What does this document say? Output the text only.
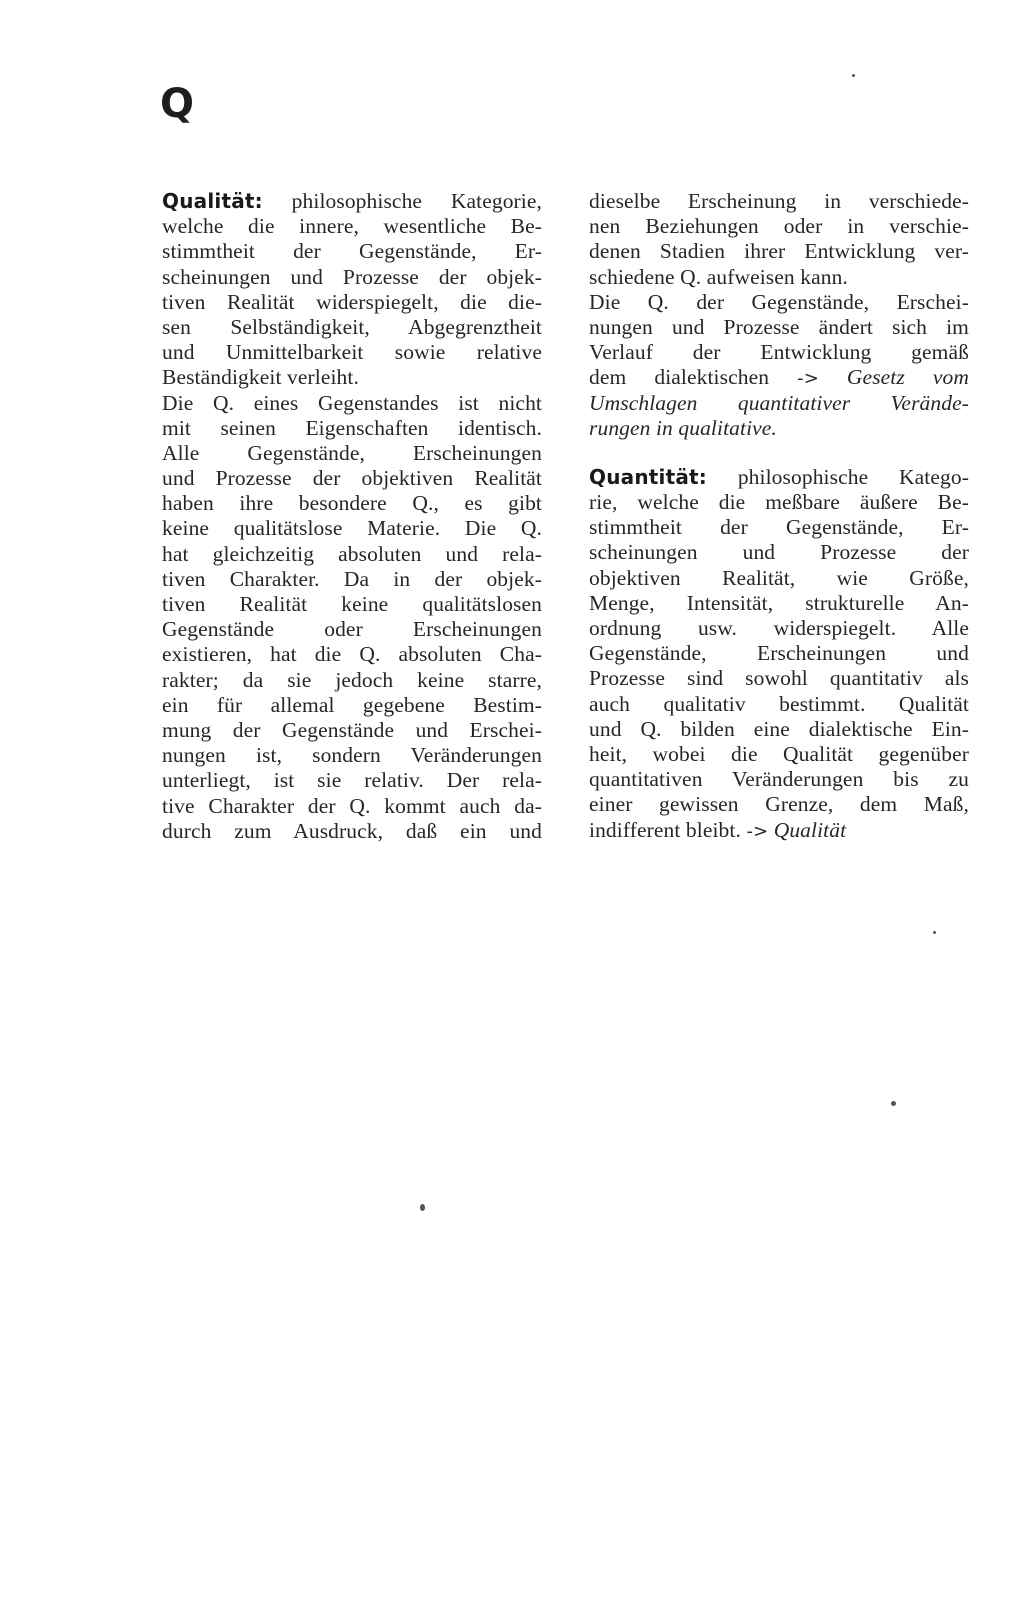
Q
Qualität: philosophische Kategorie,
welche die innere, wesentliche Be-
stimmtheit der Gegenstände, Er-
scheinungen und Prozesse der objek-
tiven Realität widerspiegelt, die die-
sen Selbständigkeit, Abgegrenztheit
und Unmittelbarkeit sowie relative
Beständigkeit verleiht.
Die Q. eines Gegenstandes ist nicht
mit seinen Eigenschaften identisch.
Alle Gegenstände, Erscheinungen
und Prozesse der objektiven Realität
haben ihre besondere Q., es gibt
keine qualitätslose Materie. Die Q.
hat gleichzeitig absoluten und rela-
tiven Charakter. Da in der objek-
tiven Realität keine qualitätslosen
Gegenstände oder Erscheinungen
existieren, hat die Q. absoluten Cha-
rakter; da sie jedoch keine starre,
ein für allemal gegebene Bestim-
mung der Gegenstände und Erschei-
nungen ist, sondern Veränderungen
unterliegt, ist sie relativ. Der rela-
tive Charakter der Q. kommt auch da-
durch zum Ausdruck, daß ein und
dieselbe Erscheinung in verschiede-
nen Beziehungen oder in verschie-
denen Stadien ihrer Entwicklung ver-
schiedene Q. aufweisen kann.
Die Q. der Gegenstände, Erschei-
nungen und Prozesse ändert sich im
Verlauf der Entwicklung gemäß
dem dialektischen -> Gesetz vom
Umschlagen quantitativer Verände-
rungen in qualitative.
Quantität: philosophische Katego-
rie, welche die meßbare äußere Be-
stimmtheit der Gegenstände, Er-
scheinungen und Prozesse der
objektiven Realität, wie Größe,
Menge, Intensität, strukturelle An-
ordnung usw. widerspiegelt. Alle
Gegenstände, Erscheinungen und
Prozesse sind sowohl quantitativ als
auch qualitativ bestimmt. Qualität
und Q. bilden eine dialektische Ein-
heit, wobei die Qualität gegenüber
quantitativen Veränderungen bis zu
einer gewissen Grenze, dem Maß,
indifferent bleibt. -> Qualität
